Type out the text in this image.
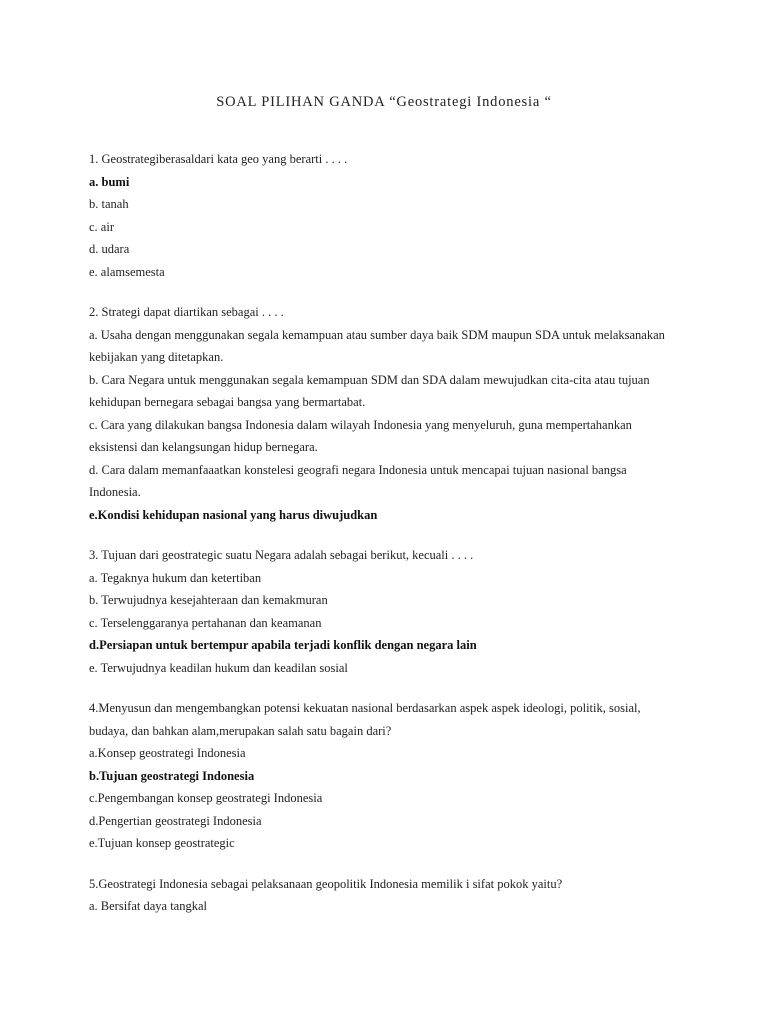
SOAL PILIHAN GANDA “Geostrategi Indonesia “
1. Geostrategiberasaldari kata geo yang berarti . . . .
a. bumi
b. tanah
c. air
d. udara
e. alamsemesta
2. Strategi dapat diartikan sebagai . . . .
a. Usaha dengan menggunakan segala kemampuan atau sumber daya baik SDM maupun SDA untuk melaksanakan
kebijakan yang ditetapkan.
b. Cara Negara untuk menggunakan segala kemampuan SDM dan SDA dalam mewujudkan cita-cita atau tujuan
kehidupan bernegara sebagai bangsa yang bermartabat.
c. Cara yang dilakukan bangsa Indonesia dalam wilayah Indonesia yang menyeluruh, guna mempertahankan
eksistensi dan kelangsungan hidup bernegara.
d. Cara dalam memanfaaatkan konstelesi geografi negara Indonesia untuk mencapai tujuan nasional bangsa
Indonesia.
e.Kondisi kehidupan nasional yang harus diwujudkan
3. Tujuan dari geostrategic suatu Negara adalah sebagai berikut, kecuali . . . .
a. Tegaknya hukum dan ketertiban
b. Terwujudnya kesejahteraan dan kemakmuran
c. Terselenggaranya pertahanan dan keamanan
d.Persiapan untuk bertempur apabila terjadi konflik dengan negara lain
e. Terwujudnya keadilan hukum dan keadilan sosial
4.Menyusun dan mengembangkan potensi kekuatan nasional berdasarkan aspek aspek ideologi, politik, sosial,
budaya, dan bahkan alam,merupakan salah satu bagain dari?
a.Konsep geostrategi Indonesia
b.Tujuan geostrategi Indonesia
c.Pengembangan konsep geostrategi Indonesia
d.Pengertian geostrategi Indonesia
e.Tujuan konsep geostrategic
5.Geostrategi Indonesia sebagai pelaksanaan geopolitik Indonesia memilik i sifat pokok yaitu?
a. Bersifat daya tangkal
